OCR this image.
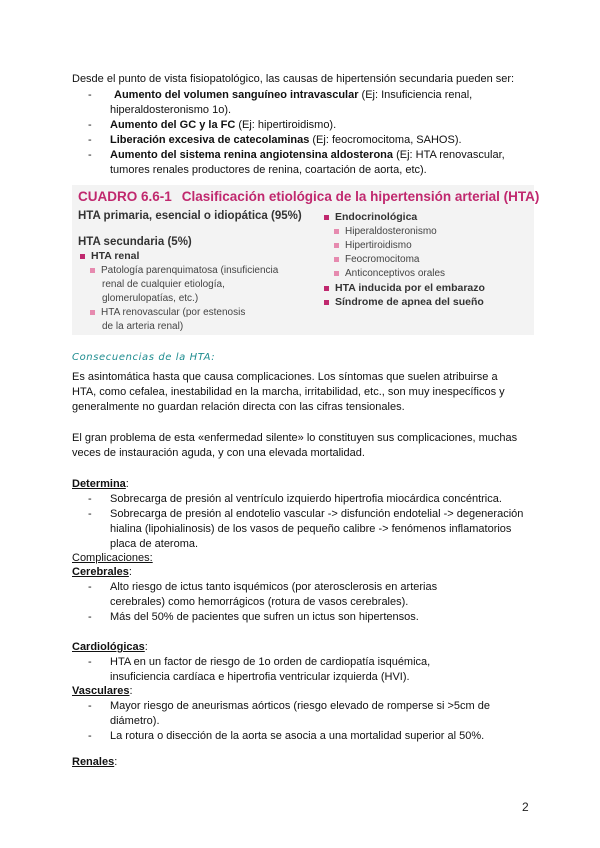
Desde el punto de vista fisiopatológico, las causas de hipertensión secundaria pueden ser:
- Aumento del volumen sanguíneo intravascular (Ej: Insuficiencia renal,
hiperaldosteronismo 1o).
- Aumento del GC y la FC (Ej: hipertiroidismo).
- Liberación excesiva de catecolaminas (Ej: feocromocitoma, SAHOS).
- Aumento del sistema renina angiotensina aldosterona (Ej: HTA renovascular,
tumores renales productores de renina, coartación de aorta, etc).
CUADRO 6.6-1 Clasificación etiológica de la hipertensión arterial (HTA)
HTA primaria, esencial o idiopática (95%)
HTA secundaria (5%)
HTA renal
Patología parenquimatosa (insuficiencia
renal de cualquier etiología,
glomerulopatías, etc.)
HTA renovascular (por estenosis
de la arteria renal)
Endocrinológica
Hiperaldosteronismo
Hipertiroidismo
Feocromocitoma
Anticonceptivos orales
HTA inducida por el embarazo
Síndrome de apnea del sueño
Consecuencias de la HTA:
Es asintomática hasta que causa complicaciones. Los síntomas que suelen atribuirse a
HTA, como cefalea, inestabilidad en la marcha, irritabilidad, etc., son muy inespecíficos y
generalmente no guardan relación directa con las cifras tensionales.
El gran problema de esta «enfermedad silente» lo constituyen sus complicaciones, muchas
veces de instauración aguda, y con una elevada mortalidad.
Determina:
- Sobrecarga de presión al ventrículo izquierdo hipertrofia miocárdica concéntrica.
- Sobrecarga de presión al endotelio vascular -> disfunción endotelial -> degeneración
hialina (lipohialinosis) de los vasos de pequeño calibre -> fenómenos inflamatorios
placa de ateroma.
Complicaciones:
Cerebrales:
- Alto riesgo de ictus tanto isquémicos (por aterosclerosis en arterias
cerebrales) como hemorrágicos (rotura de vasos cerebrales).
- Más del 50% de pacientes que sufren un ictus son hipertensos.
Cardiológicas:
- HTA en un factor de riesgo de 1o orden de cardiopatía isquémica,
insuficiencia cardíaca e hipertrofia ventricular izquierda (HVI).
Vasculares:
- Mayor riesgo de aneurismas aórticos (riesgo elevado de romperse si >5cm de
diámetro).
- La rotura o disección de la aorta se asocia a una mortalidad superior al 50%.
Renales:
2
